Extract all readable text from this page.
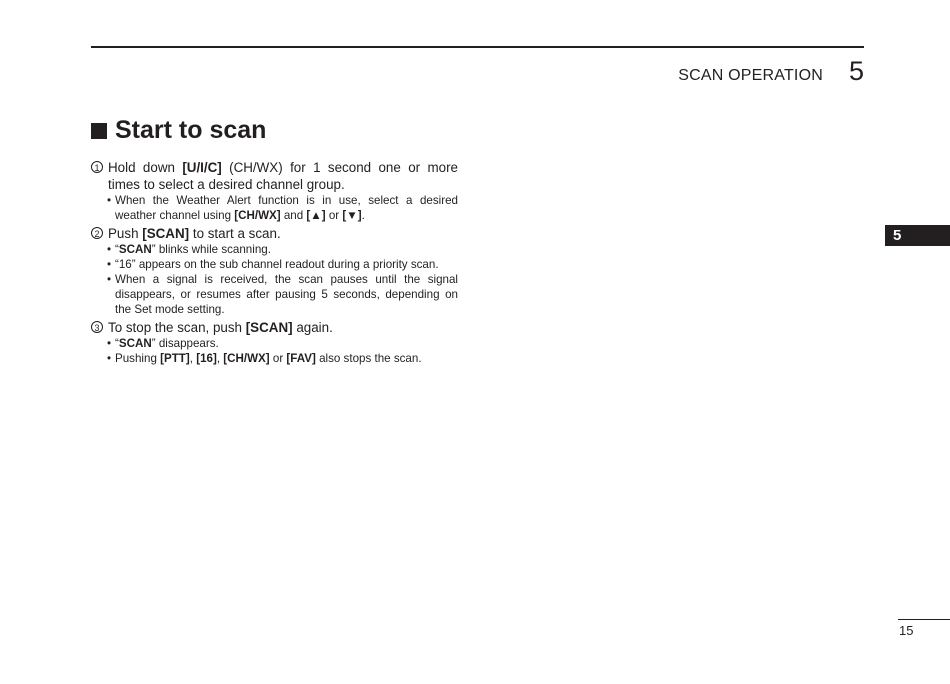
SCAN OPERATION 5
5
Start to scan
1 Hold down [U/I/C] (CH/WX) for 1 second one or more times to select a desired channel group.
• When the Weather Alert function is in use, select a desired weather channel using [CH/WX] and [▲] or [▼].
2 Push [SCAN] to start a scan.
• “SCAN” blinks while scanning.
• “16” appears on the sub channel readout during a priority scan.
• When a signal is received, the scan pauses until the signal disappears, or resumes after pausing 5 seconds, depending on the Set mode setting.
3 To stop the scan, push [SCAN] again.
• “SCAN” disappears.
• Pushing [PTT], [16], [CH/WX] or [FAV] also stops the scan.
15
